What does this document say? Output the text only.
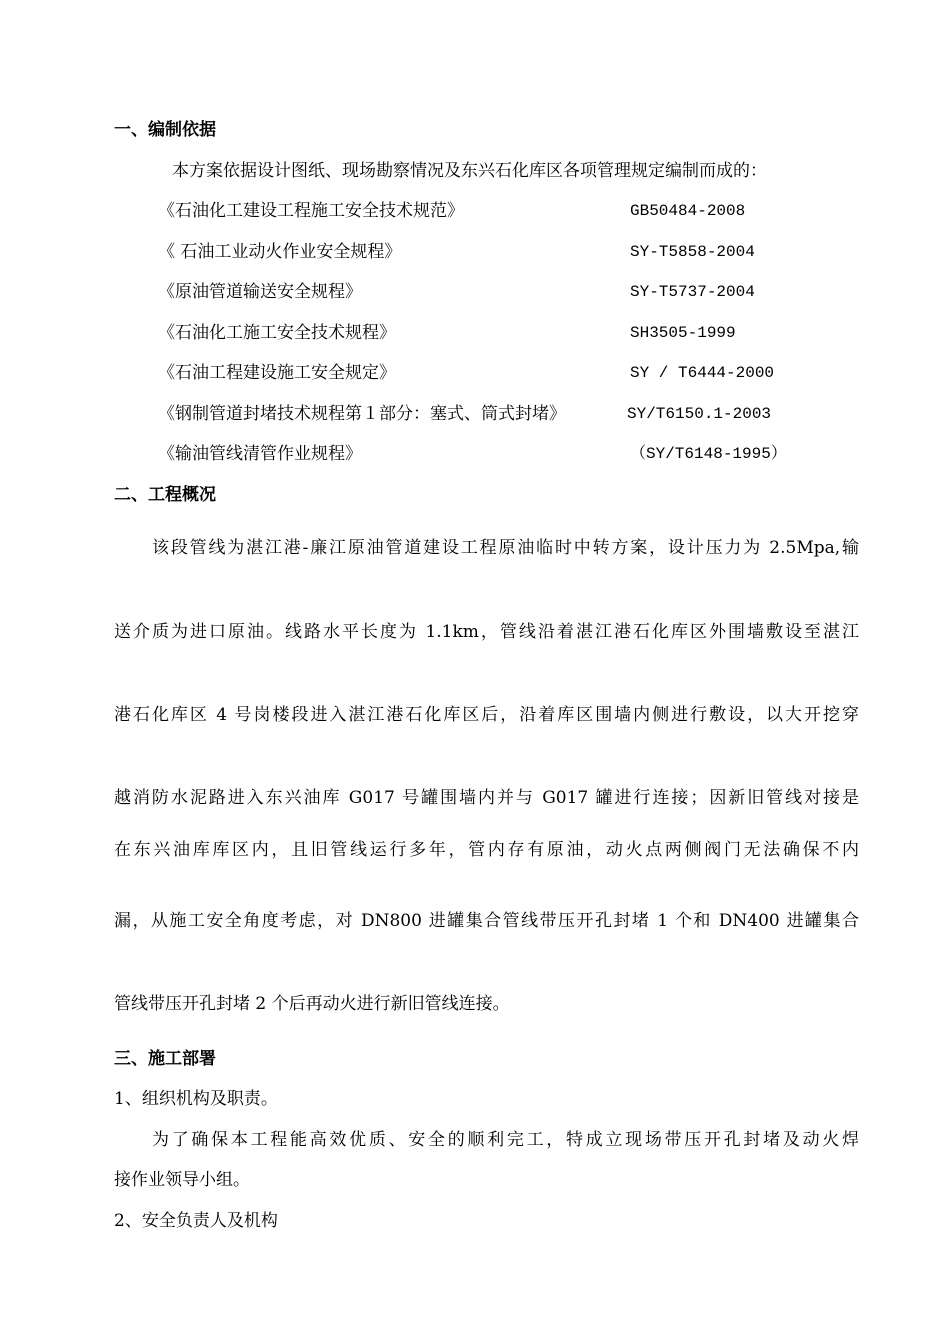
一、编制依据
本方案依据设计图纸、现场勘察情况及东兴石化库区各项管理规定编制而成的：
《石油化工建设工程施工安全技术规范》	GB50484-2008
《 石油工业动火作业安全规程》	SY-T5858-2004
《原油管道输送安全规程》	SY-T5737-2004
《石油化工施工安全技术规程》	SH3505-1999
《石油工程建设施工安全规定》	SY / T6444-2000
《钢制管道封堵技术规程第１部分：塞式、筒式封堵》	SY/T6150.1-2003
《输油管线清管作业规程》	（SY/T6148-1995）
二、工程概况
该段管线为湛江港-廉江原油管道建设工程原油临时中转方案，设计压力为 2.5Mpa,输
送介质为进口原油。线路水平长度为 1.1km，管线沿着湛江港石化库区外围墙敷设至湛江
港石化库区 4 号岗楼段进入湛江港石化库区后，沿着库区围墙内侧进行敷设，以大开挖穿
越消防水泥路进入东兴油库 G017 号罐围墙内并与 G017 罐进行连接；因新旧管线对接是
在东兴油库库区内，且旧管线运行多年，管内存有原油，动火点两侧阀门无法确保不内
漏，从施工安全角度考虑，对 DN800 进罐集合管线带压开孔封堵 1 个和 DN400 进罐集合
管线带压开孔封堵 2 个后再动火进行新旧管线连接。
三、施工部署
1、组织机构及职责。
为了确保本工程能高效优质、安全的顺利完工，特成立现场带压开孔封堵及动火焊
接作业领导小组。
2、安全负责人及机构
